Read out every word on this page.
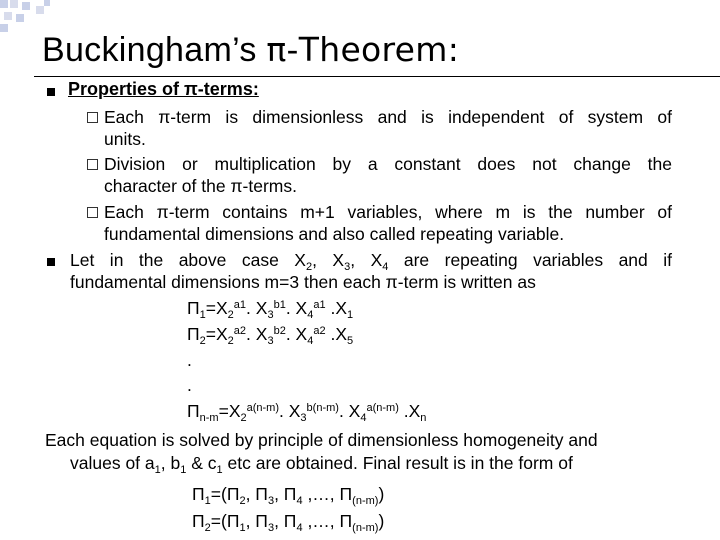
Buckingham’s π-Theorem:
Properties of π-terms:
Each π-term is dimensionless and is independent of system of
units.
Division or multiplication by a constant does not change the
character of the π-terms.
Each π-term contains m+1 variables, where m is the number of
fundamental dimensions and also called repeating variable.
Let in the above case $X_2$, $X_3$, $X_4$ are repeating variables and if
fundamental dimensions m=3 then each π-term is written as
$\Pi_1=X_2^{a1}$. $X_3^{b1}$. $X_4^{a1}$ $.X_1$
$\Pi_2=X_2^{a2}$. $X_3^{b2}$. $X_4^{a2}$ $.X_5$
.
.
$\Pi_{n-m}=X_2^{a(n-m)}$. $X_3^{b(n-m)}$. $X_4^{a(n-m)}$ $.X_n$
Each equation is solved by principle of dimensionless homogeneity and
values of $a_1$, $b_1$ & $c_1$ etc are obtained. Final result is in the form of
$\Pi_1=(\Pi_2$, $\Pi_3$, $\Pi_4$ ,…, $\Pi_{(n-m)}$)
$\Pi_2=(\Pi_1$, $\Pi_3$, $\Pi_4$ ,…, $\Pi_{(n-m)}$)
